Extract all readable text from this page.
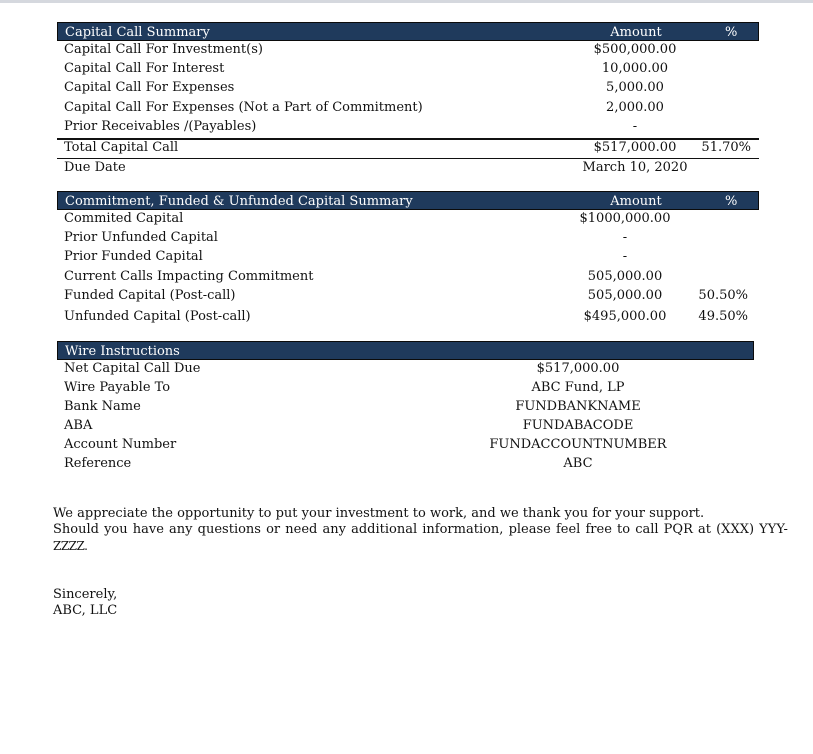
Capital Call Summary	Amount	%
Capital Call For Investment(s)	$500,000.00
Capital Call For Interest	10,000.00
Capital Call For Expenses	5,000.00
Capital Call For Expenses (Not a Part of Commitment)	2,000.00
Prior Receivables /(Payables)	-
Total Capital Call	$517,000.00	51.70%
Due Date	March 10, 2020
Commitment, Funded & Unfunded Capital Summary	Amount	%
Commited Capital	$1000,000.00
Prior Unfunded Capital	-
Prior Funded Capital	-
Current Calls Impacting Commitment	505,000.00
Funded Capital (Post-call)	505,000.00	50.50%
Unfunded Capital (Post-call)	$495,000.00	49.50%
Wire Instructions
Net Capital Call Due	$517,000.00
Wire Payable To	ABC Fund, LP
Bank Name	FUNDBANKNAME
ABA	FUNDABACODE
Account Number	FUNDACCOUNTNUMBER
Reference	ABC
We appreciate the opportunity to put your investment to work, and we thank you for your support.
Should you have any questions or need any additional information, please feel free to call PQR at (XXX) YYY-
ZZZZ.
Sincerely,
ABC, LLC
